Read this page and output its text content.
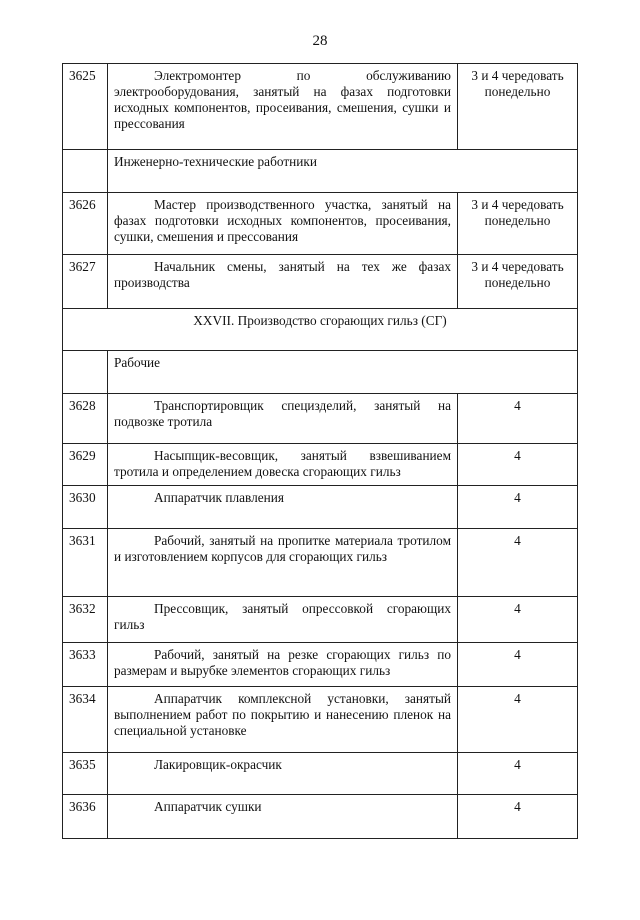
28
3625	Электромонтер по обслуживанию электрооборудования, занятый на фазах подготовки исходных компонентов, просеивания, смешения, сушки и прессования	3 и 4 чередовать понедельно
	Инженерно-технические работники	
3626	Мастер производственного участка, занятый на фазах подготовки исходных компонентов, просеивания, сушки, смешения и прессования	3 и 4 чередовать понедельно
3627	Начальник смены, занятый на тех же фазах производства	3 и 4 чередовать понедельно
XXVII. Производство сгорающих гильз (СГ)		
	Рабочие	
3628	Транспортировщик специзделий, занятый на подвозке тротила	4
3629	Насыпщик-весовщик, занятый взвешиванием тротила и определением довеска сгорающих гильз	4
3630	Аппаратчик плавления	4
3631	Рабочий, занятый на пропитке материала тротилом и изготовлением корпусов для сгорающих гильз	4
3632	Прессовщик, занятый опрессовкой сгорающих гильз	4
3633	Рабочий, занятый на резке сгорающих гильз по размерам и вырубке элементов сгорающих гильз	4
3634	Аппаратчик комплексной установки, занятый выполнением работ по покрытию и нанесению пленок на специальной установке	4
3635	Лакировщик-окрасчик	4
3636	Аппаратчик сушки	4
